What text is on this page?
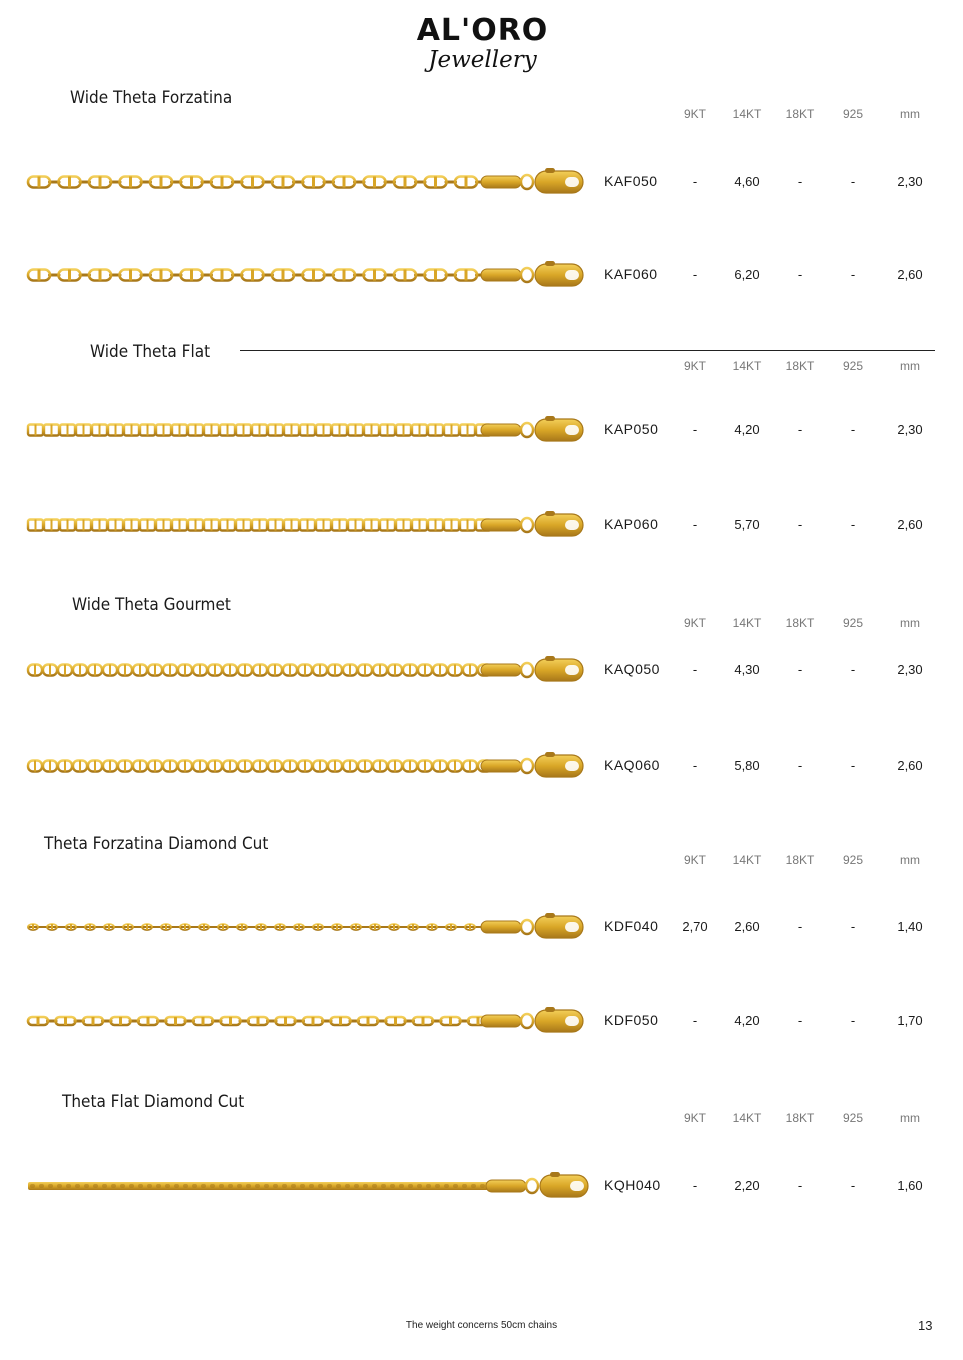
AL'ORO
Jewellery
Wide Theta Forzatina
9KT	14KT	18KT	925	mm
KAF050	-	4,60	-	-	2,30
KAF060	-	6,20	-	-	2,60
Wide Theta Flat
9KT	14KT	18KT	925	mm
KAP050	-	4,20	-	-	2,30
KAP060	-	5,70	-	-	2,60
Wide Theta Gourmet
9KT	14KT	18KT	925	mm
KAQ050	-	4,30	-	-	2,30
KAQ060	-	5,80	-	-	2,60
Theta Forzatina Diamond Cut
9KT	14KT	18KT	925	mm
KDF040	2,70	2,60	-	-	1,40
KDF050	-	4,20	-	-	1,70
Theta Flat Diamond Cut
9KT	14KT	18KT	925	mm
KQH040	-	2,20	-	-	1,60
The weight concerns 50cm chains	13
